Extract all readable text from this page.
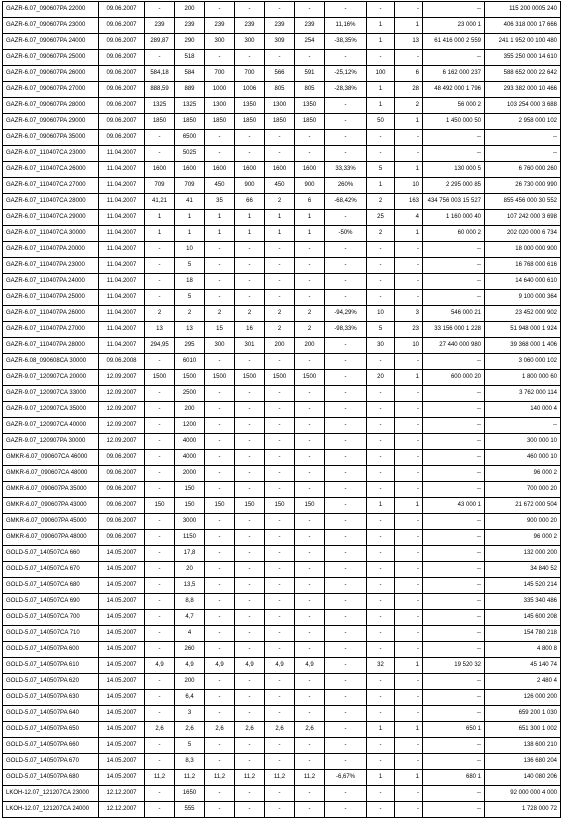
GAZR-6.07_090607PA 22000	09.06.2007	-	200	-	-	-	-	-	-	-	--	115 200 0005 240
GAZR-6.07_090607PA 23000	09.06.2007	239	239	239	239	239	239	11,16%	1	1	23 000 1	406 318 000 17 666
GAZR-6.07_090607PA 24000	09.06.2007	289,87	290	300	300	309	254	-38,35%	1	13	61 416 000 2 559	241 1 952 00 100 480
GAZR-6.07_090607PA 25000	09.06.2007	-	518	-	-	-	-	-	-	-	--	355 250 000 14 610
GAZR-6.07_090607PA 26000	09.06.2007	584,18	584	700	700	566	591	-25,12%	100	6	6 162 000 237	588 652 000 22 642
GAZR-6.07_090607PA 27000	09.06.2007	888,59	889	1000	1006	805	805	-28,38%	1	28	48 492 000 1 796	293 382 000 10 466
GAZR-6.07_090607PA 28000	09.06.2007	1325	1325	1300	1350	1300	1350	-	1	2	56 000 2	103 254 000 3 688
GAZR-6.07_090607PA 29000	09.06.2007	1850	1850	1850	1850	1850	1850	-	50	1	1 450 000 50	2 958 000 102
GAZR-6.07_090607PA 35000	09.06.2007	-	6500	-	-	-	-	-	-	-	--	--
GAZR-6.07_110407CA 23000	11.04.2007	-	5025	-	-	-	-	-	-	-	--	--
GAZR-6.07_110407CA 26000	11.04.2007	1600	1600	1600	1600	1600	1600	33,33%	5	1	130 000 5	6 760 000 260
GAZR-6.07_110407CA 27000	11.04.2007	709	709	450	900	450	900	260%	1	10	2 295 000 85	26 730 000 990
GAZR-6.07_110407CA 28000	11.04.2007	41,21	41	35	66	2	6	-68,42%	2	163	434 756 003 15 527	855 456 000 30 552
GAZR-6.07_110407CA 29000	11.04.2007	1	1	1	1	1	1	-	25	4	1 160 000 40	107 242 000 3 698
GAZR-6.07_110407CA 30000	11.04.2007	1	1	1	1	1	1	-50%	2	1	60 000 2	202 020 000 6 734
GAZR-6.07_110407PA 20000	11.04.2007	-	10	-	-	-	-	-	-	-	--	18 000 000 900
GAZR-6.07_110407PA 23000	11.04.2007	-	5	-	-	-	-	-	-	-	--	16 768 000 616
GAZR-6.07_110407PA 24000	11.04.2007	-	18	-	-	-	-	-	-	-	--	14 640 000 610
GAZR-6.07_110407PA 25000	11.04.2007	-	5	-	-	-	-	-	-	-	--	9 100 000 364
GAZR-6.07_110407PA 26000	11.04.2007	2	2	2	2	2	2	-94,29%	10	3	546 000 21	23 452 000 902
GAZR-6.07_110407PA 27000	11.04.2007	13	13	15	16	2	2	-98,33%	5	23	33 156 000 1 228	51 948 000 1 924
GAZR-6.07_110407PA 28000	11.04.2007	294,95	295	300	301	200	200	-	30	10	27 440 000 980	39 368 000 1 406
GAZR-6.08_090608CA 30000	09.06.2008	-	6010	-	-	-	-	-	-	-	--	3 060 000 102
GAZR-9.07_120907CA 20000	12.09.2007	1500	1500	1500	1500	1500	1500	-	20	1	600 000 20	1 800 000 60
GAZR-9.07_120907CA 33000	12.09.2007	-	2500	-	-	-	-	-	-	-	--	3 762 000 114
GAZR-9.07_120907CA 35000	12.09.2007	-	200	-	-	-	-	-	-	-	--	140 000 4
GAZR-9.07_120907CA 40000	12.09.2007	-	1200	-	-	-	-	-	-	-	--	--
GAZR-9.07_120907PA 30000	12.09.2007	-	4000	-	-	-	-	-	-	-	--	300 000 10
GMKR-6.07_090607CA 46000	09.06.2007	-	4000	-	-	-	-	-	-	-	--	460 000 10
GMKR-6.07_090607CA 48000	09.06.2007	-	2000	-	-	-	-	-	-	-	--	96 000 2
GMKR-6.07_090607PA 35000	09.06.2007	-	150	-	-	-	-	-	-	-	--	700 000 20
GMKR-6.07_090607PA 43000	09.06.2007	150	150	150	150	150	150	-	1	1	43 000 1	21 672 000 504
GMKR-6.07_090607PA 45000	09.06.2007	-	3000	-	-	-	-	-	-	-	--	900 000 20
GMKR-6.07_090607PA 48000	09.06.2007	-	1150	-	-	-	-	-	-	-	--	96 000 2
GOLD-5.07_140507CA 660	14.05.2007	-	17,8	-	-	-	-	-	-	-	--	132 000 200
GOLD-5.07_140507CA 670	14.05.2007	-	20	-	-	-	-	-	-	-	--	34 840 52
GOLD-5.07_140507CA 680	14.05.2007	-	13,5	-	-	-	-	-	-	-	--	145 520 214
GOLD-5.07_140507CA 690	14.05.2007	-	8,8	-	-	-	-	-	-	-	--	335 340 486
GOLD-5.07_140507CA 700	14.05.2007	-	4,7	-	-	-	-	-	-	-	--	145 600 208
GOLD-5.07_140507CA 710	14.05.2007	-	4	-	-	-	-	-	-	-	--	154 780 218
GOLD-5.07_140507PA 600	14.05.2007	-	260	-	-	-	-	-	-	-	--	4 800 8
GOLD-5.07_140507PA 610	14.05.2007	4,9	4,9	4,9	4,9	4,9	4,9	-	32	1	19 520 32	45 140 74
GOLD-5.07_140507PA 620	14.05.2007	-	200	-	-	-	-	-	-	-	--	2 480 4
GOLD-5.07_140507PA 630	14.05.2007	-	6,4	-	-	-	-	-	-	-	--	126 000 200
GOLD-5.07_140507PA 640	14.05.2007	-	3	-	-	-	-	-	-	-	--	659 200 1 030
GOLD-5.07_140507PA 650	14.05.2007	2,6	2,6	2,6	2,6	2,6	2,6	-	1	1	650 1	651 300 1 002
GOLD-5.07_140507PA 660	14.05.2007	-	5	-	-	-	-	-	-	-	--	138 600 210
GOLD-5.07_140507PA 670	14.05.2007	-	8,3	-	-	-	-	-	-	-	--	136 680 204
GOLD-5.07_140507PA 680	14.05.2007	11,2	11,2	11,2	11,2	11,2	11,2	-6,67%	1	1	680 1	140 080 206
LKOH-12.07_121207CA 23000	12.12.2007	-	1650	-	-	-	-	-	-	-	--	92 000 000 4 000
LKOH-12.07_121207CA 24000	12.12.2007	-	555	-	-	-	-	-	-	-	--	1 728 000 72
